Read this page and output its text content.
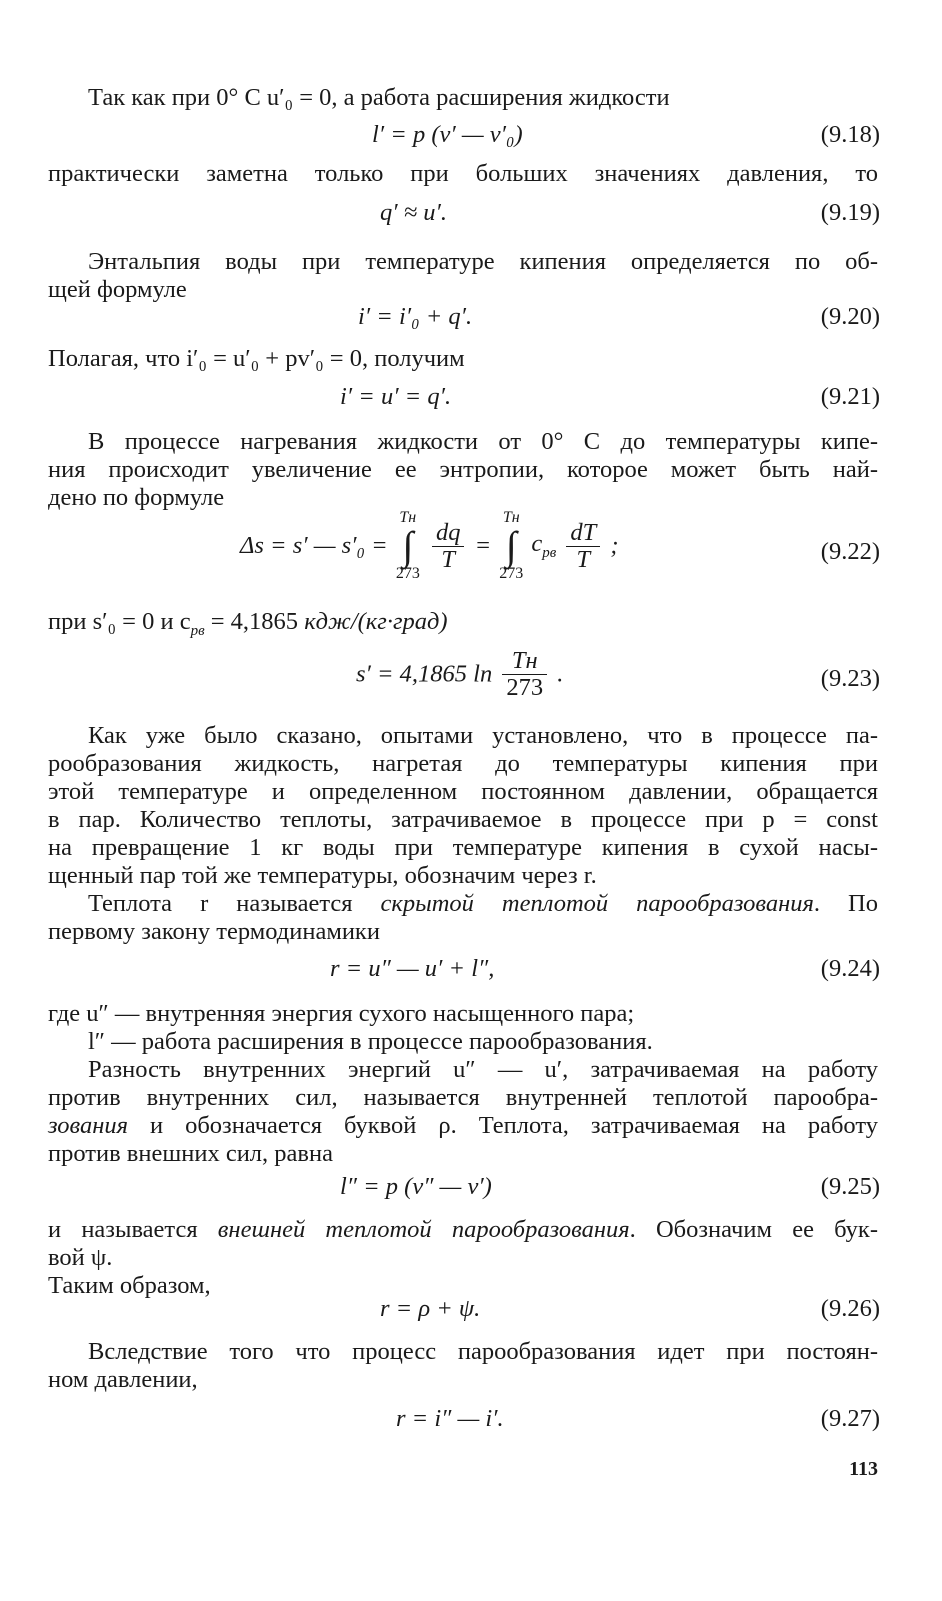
Так как при 0° С u′₀ = 0, а работа расширения жидкости
l′ = p (v′ — v′₀)	(9.18)
практически заметна только при больших значениях давления, то
q′ ≈ u′.	(9.19)
Энтальпия воды при температуре кипения определяется по об-
щей формуле
i′ = i′₀ + q′.	(9.20)
Полагая, что i′₀ = u′₀ + pv′₀ = 0, получим
i′ = u′ = q′.	(9.21)
В процессе нагревания жидкости от 0° С до температуры кипе-
ния происходит увеличение ее энтропии, которое может быть най-
дено по формуле
Δs = s′ — s′₀ =
Tн
∫
273

$\frac{dq}{T}$ =
Tн
∫
273
$c_{pв} \frac{dT}{T}$ ;	(9.22)
при s′₀ = 0 и $c_{pв} = 4,1865$ кдж/(кг·град)
s′ = 4,1865 $\ln \frac{Tн}{273}$ .	(9.23)
Как уже было сказано, опытами установлено, что в процессе па-
рообразования жидкость, нагретая до температуры кипения при
этой температуре и определенном постоянном давлении, обращается
в пар. Количество теплоты, затрачиваемое в процессе при p = const
на превращение 1 кг воды при температуре кипения в сухой насы-
щенный пар той же температуры, обозначим через r.
Теплота r называется скрытой теплотой парообразования. По
первому закону термодинамики
r = u″ — u′ + l″,	(9.24)
где u″ — внутренняя энергия сухого насыщенного пара;
l″ — работа расширения в процессе парообразования.
Разность внутренних энергий u″ — u′, затрачиваемая на работу
против внутренних сил, называется внутренней теплотой парообра-
зования и обозначается буквой ρ. Теплота, затрачиваемая на работу
против внешних сил, равна
l″ = p (v″ — v′)	(9.25)
и называется внешней теплотой парообразования. Обозначим ее бук-
вой ψ.
Таким образом,
r = ρ + ψ.	(9.26)
Вследствие того что процесс парообразования идет при постоян-
ном давлении,
r = i″ — i′.	(9.27)
113
